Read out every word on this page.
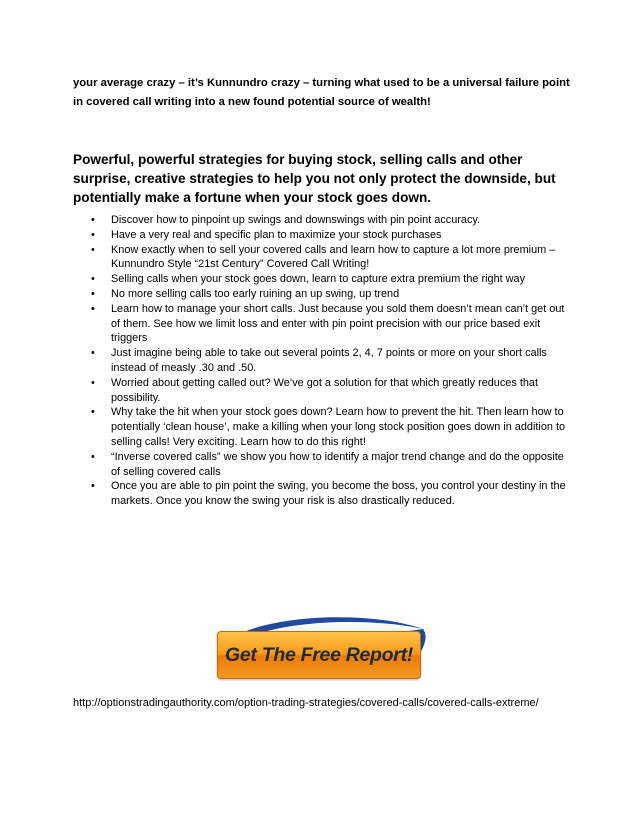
your average crazy – it’s Kunnundro crazy – turning what used to be a universal failure point in covered call writing into a new found potential source of wealth!
Powerful, powerful strategies for buying stock, selling calls and other surprise, creative strategies to help you not only protect the downside, but potentially make a fortune when your stock goes down.
• Discover how to pinpoint up swings and downswings with pin point accuracy.
• Have a very real and specific plan to maximize your stock purchases
• Know exactly when to sell your covered calls and learn how to capture a lot more premium – Kunnundro Style “21st Century” Covered Call Writing!
• Selling calls when your stock goes down, learn to capture extra premium the right way
• No more selling calls too early ruining an up swing, up trend
• Learn how to manage your short calls. Just because you sold them doesn’t mean can’t get out of them. See how we limit loss and enter with pin point precision with our price based exit triggers
• Just imagine being able to take out several points 2, 4, 7 points or more on your short calls instead of measly .30 and .50.
• Worried about getting called out? We’ve got a solution for that which greatly reduces that possibility.
• Why take the hit when your stock goes down? Learn how to prevent the hit. Then learn how to potentially ‘clean house’, make a killing when your long stock position goes down in addition to selling calls! Very exciting. Learn how to do this right!
• “Inverse covered calls” we show you how to identify a major trend change and do the opposite of selling covered calls
• Once you are able to pin point the swing, you become the boss, you control your destiny in the markets. Once you know the swing your risk is also drastically reduced.
Get The Free Report!
http://optionstradingauthority.com/option-trading-strategies/covered-calls/covered-calls-extreme/
